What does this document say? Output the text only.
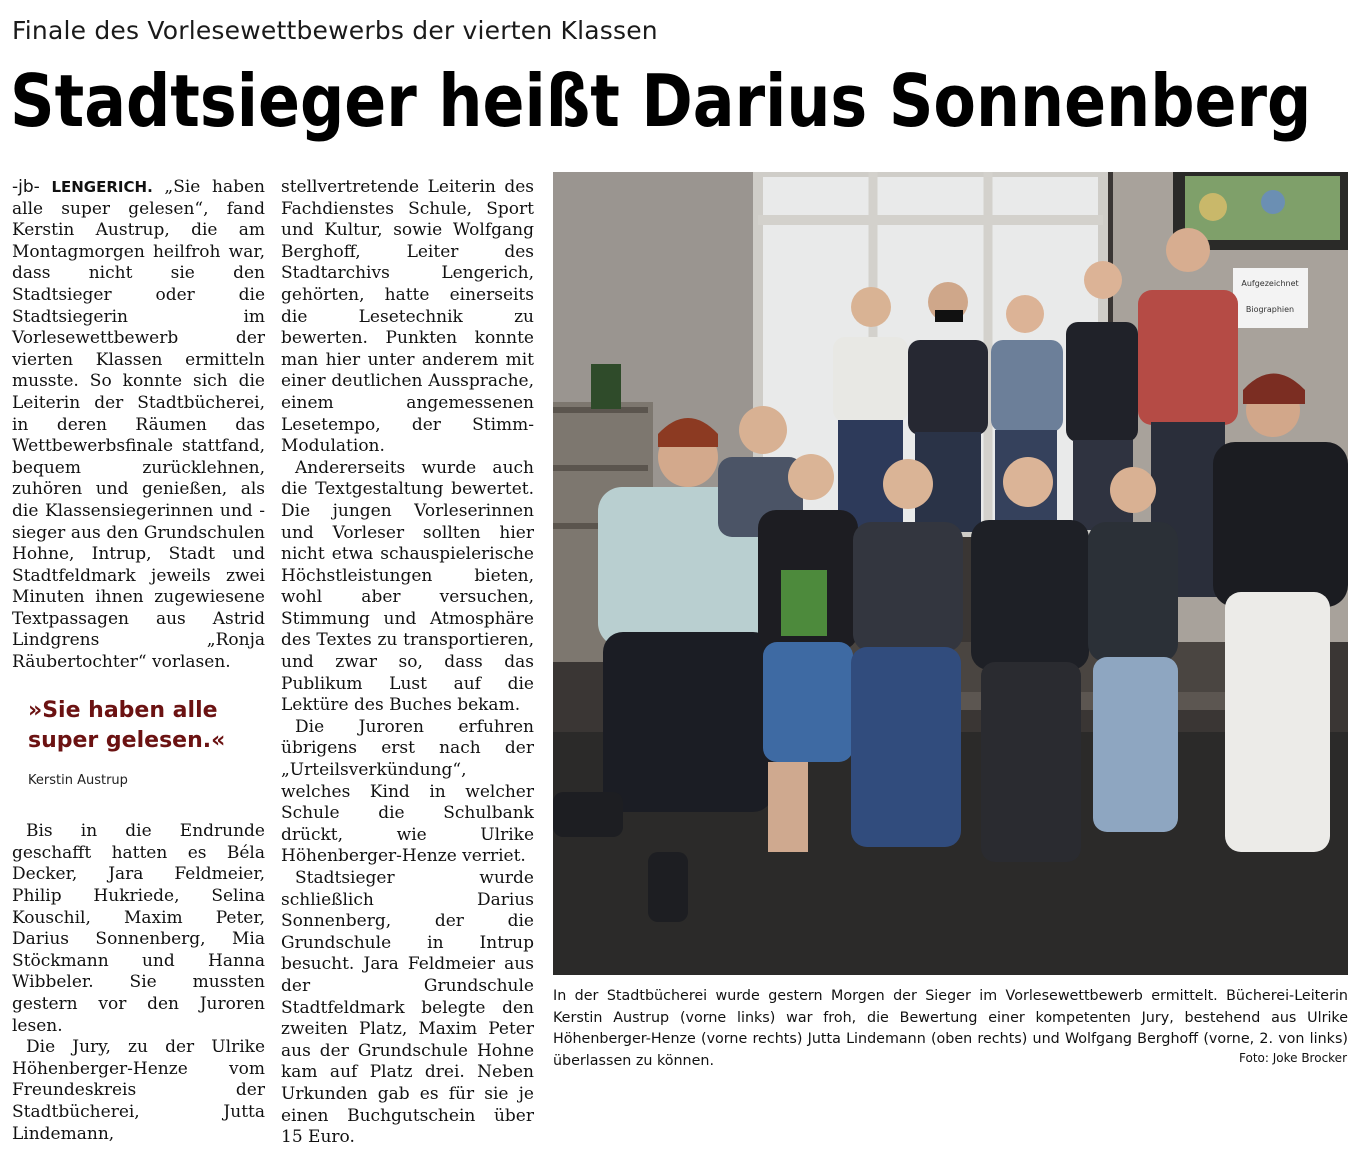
Finale des Vorlesewettbewerbs der vierten Klassen
Stadtsieger heißt Darius Sonnenberg

-jb- LENGERICH. „Sie haben alle super gelesen“, fand Kerstin Austrup, die am Montagmorgen heilfroh war, dass nicht sie den Stadtsieger oder die Stadtsiegerin im Vorlesewettbewerb der vierten Klassen ermitteln musste. So konnte sich die Leiterin der Stadtbücherei, in deren Räumen das Wettbewerbsfinale stattfand, bequem zurücklehnen, zuhören und genießen, als die Klassensiegerinnen und -sieger aus den Grundschulen Hohne, Intrup, Stadt und Stadtfeldmark jeweils zwei Minuten ihnen zugewiesene Textpassagen aus Astrid Lindgrens „Ronja Räubertochter“ vorlasen.

»Sie haben alle super gelesen.«
Kerstin Austrup

Bis in die Endrunde geschafft hatten es Béla Decker, Jara Feldmeier, Philip Hukriede, Selina Kouschil, Maxim Peter, Darius Sonnenberg, Mia Stöckmann und Hanna Wibbeler. Sie mussten gestern vor den Juroren lesen.

Die Jury, zu der Ulrike Höhenberger-Henze vom Freundeskreis der Stadtbücherei, Jutta Lindemann,

stellvertretende Leiterin des Fachdienstes Schule, Sport und Kultur, sowie Wolfgang Berghoff, Leiter des Stadtarchivs Lengerich, gehörten, hatte einerseits die Lesetechnik zu bewerten. Punkten konnte man hier unter anderem mit einer deutlichen Aussprache, einem angemessenen Lesetempo, der Stimm-Modulation.

Andererseits wurde auch die Textgestaltung bewertet. Die jungen Vorleserinnen und Vorleser sollten hier nicht etwa schauspielerische Höchstleistungen bieten, wohl aber versuchen, Stimmung und Atmosphäre des Textes zu transportieren, und zwar so, dass das Publikum Lust auf die Lektüre des Buches bekam.

Die Juroren erfuhren übrigens erst nach der „Urteilsverkündung“, welches Kind in welcher Schule die Schulbank drückt, wie Ulrike Höhenberger-Henze verriet.

Stadtsieger wurde schließlich Darius Sonnenberg, der die Grundschule in Intrup besucht. Jara Feldmeier aus der Grundschule Stadtfeldmark belegte den zweiten Platz, Maxim Peter aus der Grundschule Hohne kam auf Platz drei. Neben Urkunden gab es für sie je einen Buchgutschein über 15 Euro.

Aufgezeichnet
Biographien
In der Stadtbücherei wurde gestern Morgen der Sieger im Vorlesewettbewerb ermittelt. Bücherei-Leiterin Kerstin Austrup (vorne links) war froh, die Bewertung einer kompetenten Jury, bestehend aus Ulrike Höhenberger-Henze (vorne rechts) Jutta Lindemann (oben rechts) und Wolfgang Berghoff (vorne, 2. von links) überlassen zu können.	Foto: Joke Brocker
